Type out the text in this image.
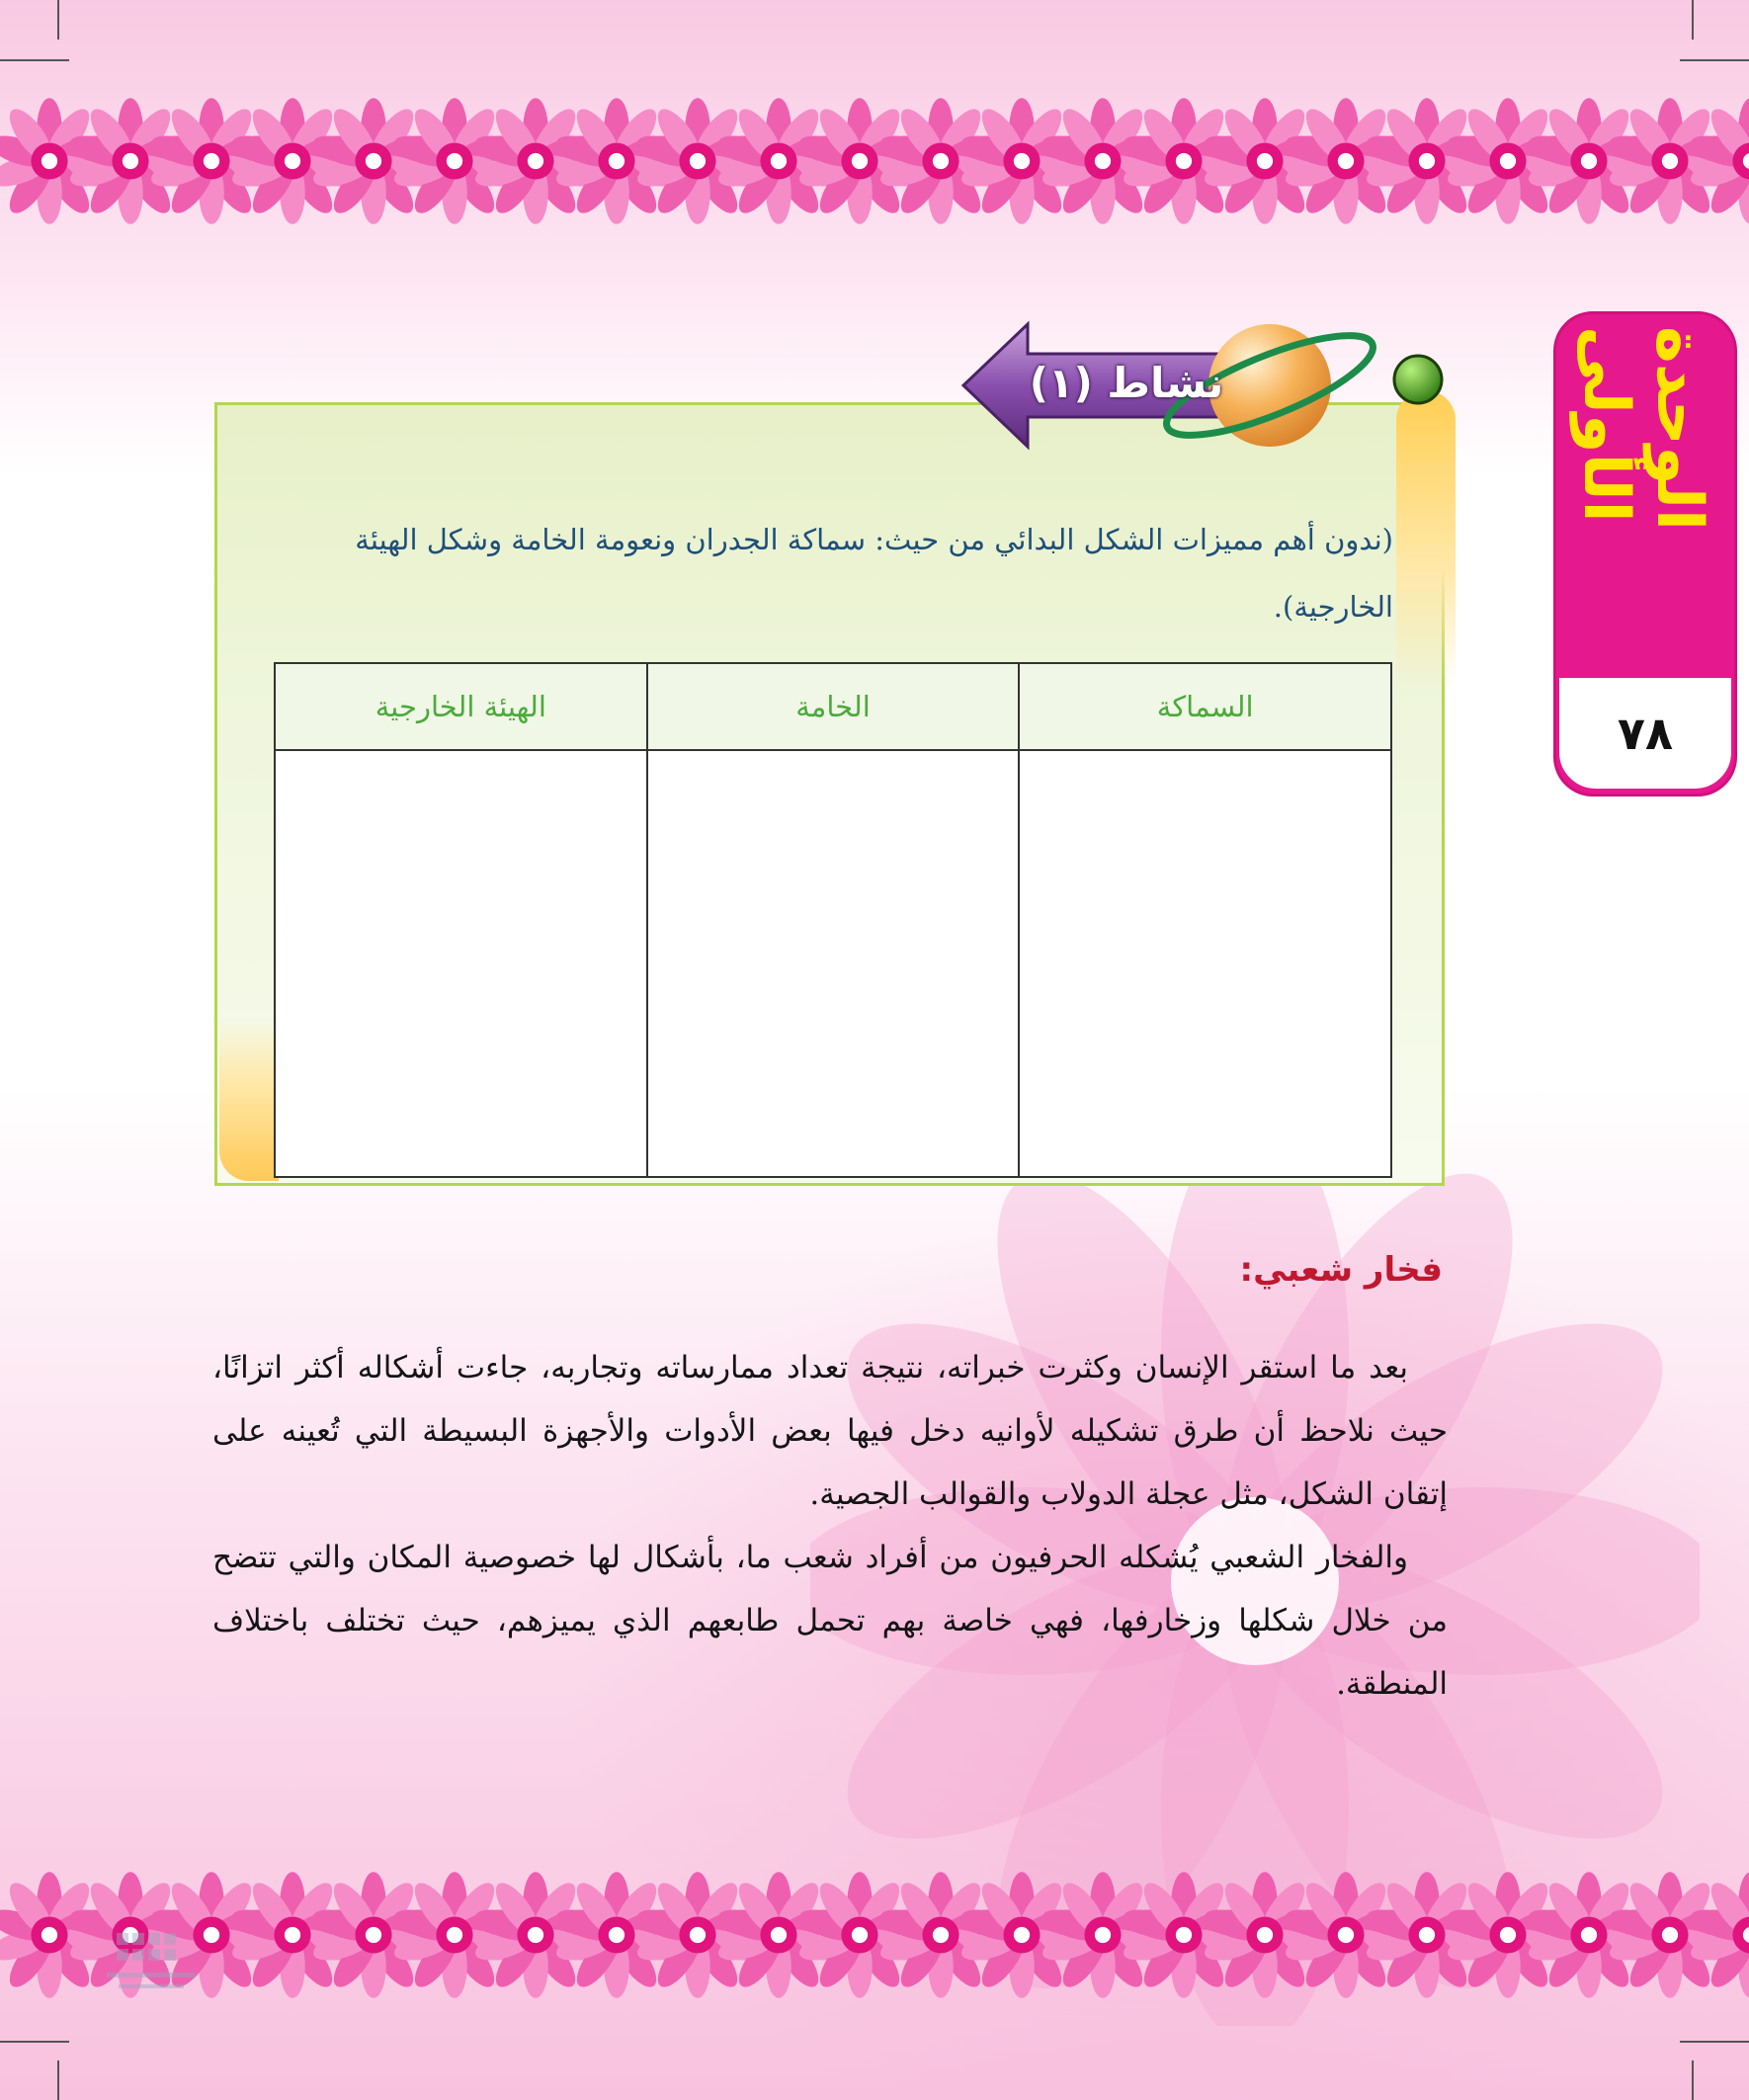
الوحدة الأولى
٧٨
نشاط (١)
(ندون أهم مميزات الشكل البدائي من حيث: سماكة الجدران ونعومة الخامة وشكل الهيئة الخارجية).
السماكة	الخامة	الهيئة الخارجية

فخار شعبي:

بعد ما استقر الإنسان وكثرت خبراته، نتيجة تعداد ممارساته وتجاربه، جاءت أشكاله أكثر اتزانًا، حيث نلاحظ أن طرق تشكيله لأوانيه دخل فيها بعض الأدوات والأجهزة البسيطة التي تُعينه على إتقان الشكل، مثل عجلة الدولاب والقوالب الجصية.

والفخار الشعبي يُشكله الحرفيون من أفراد شعب ما، بأشكال لها خصوصية المكان والتي تتضح من خلال شكلها وزخارفها، فهي خاصة بهم تحمل طابعهم الذي يميزهم، حيث تختلف باختلاف المنطقة.
